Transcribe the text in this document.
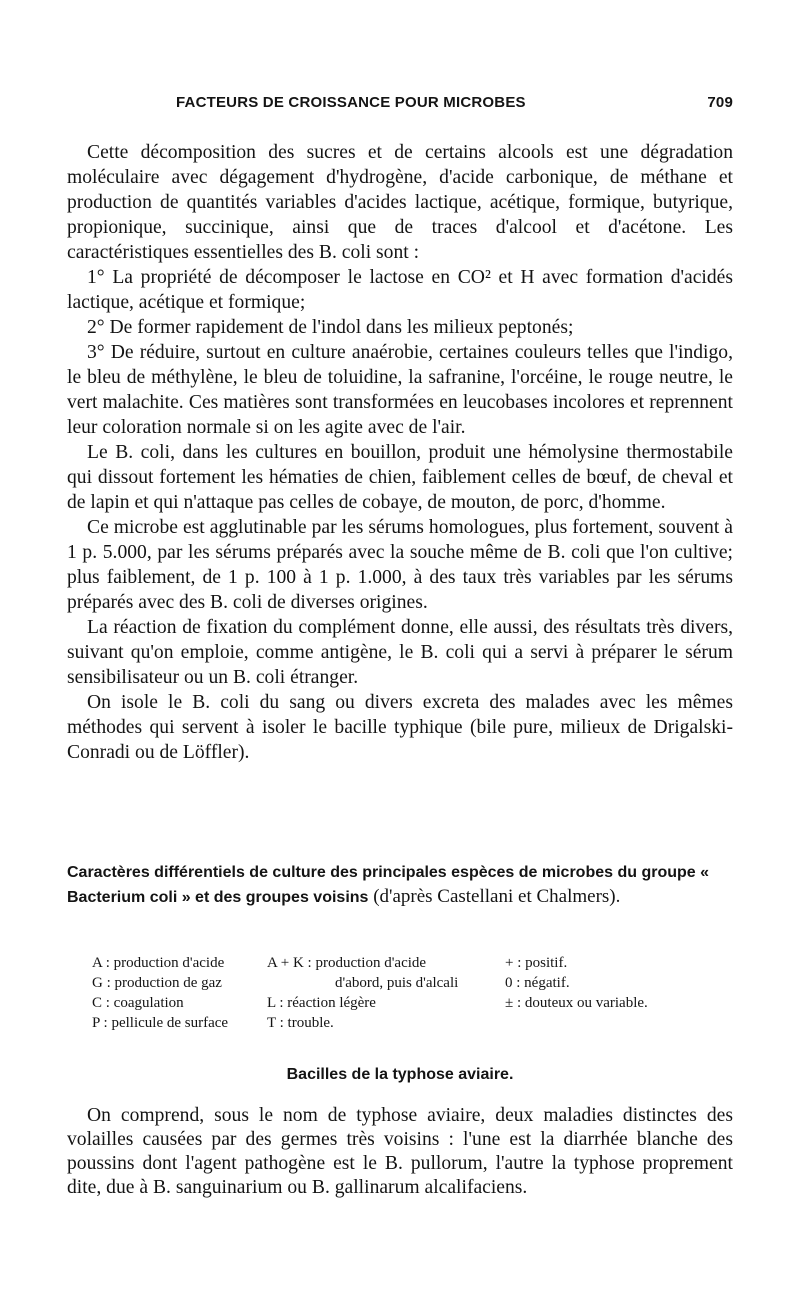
FACTEURS DE CROISSANCE POUR MICROBES	709

Cette décomposition des sucres et de certains alcools est une dégradation moléculaire avec dégagement d'hydrogène, d'acide carbonique, de méthane et production de quantités variables d'acides lactique, acétique, formique, butyrique, propionique, succinique, ainsi que de traces d'alcool et d'acétone. Les caractéristiques essentielles des B. coli sont :

1° La propriété de décomposer le lactose en CO² et H avec formation d'acidés lactique, acétique et formique;

2° De former rapidement de l'indol dans les milieux peptonés;

3° De réduire, surtout en culture anaérobie, certaines couleurs telles que l'indigo, le bleu de méthylène, le bleu de toluidine, la safranine, l'orcéine, le rouge neutre, le vert malachite. Ces matières sont transformées en leucobases incolores et reprennent leur coloration normale si on les agite avec de l'air.

Le B. coli, dans les cultures en bouillon, produit une hémolysine thermostabile qui dissout fortement les hématies de chien, faiblement celles de bœuf, de cheval et de lapin et qui n'attaque pas celles de cobaye, de mouton, de porc, d'homme.

Ce microbe est agglutinable par les sérums homologues, plus fortement, souvent à 1 p. 5.000, par les sérums préparés avec la souche même de B. coli que l'on cultive; plus faiblement, de 1 p. 100 à 1 p. 1.000, à des taux très variables par les sérums préparés avec des B. coli de diverses origines.

La réaction de fixation du complément donne, elle aussi, des résultats très divers, suivant qu'on emploie, comme antigène, le B. coli qui a servi à préparer le sérum sensibilisateur ou un B. coli étranger.

On isole le B. coli du sang ou divers excreta des malades avec les mêmes méthodes qui servent à isoler le bacille typhique (bile pure, milieux de Drigalski-Conradi ou de Löffler).

Caractères différentiels de culture des principales espèces de microbes du groupe « Bacterium coli » et des groupes voisins (d'après Castellani et Chalmers).
A : production d'acide	A + K : production d'acide	+ : positif.
G : production de gaz	d'abord, puis d'alcali	0 : négatif.
C : coagulation	L : réaction légère	± : douteux ou variable.
P : pellicule de surface	T : trouble.
Bacilles de la typhose aviaire.

On comprend, sous le nom de typhose aviaire, deux maladies distinctes des volailles causées par des germes très voisins : l'une est la diarrhée blanche des poussins dont l'agent pathogène est le B. pullorum, l'autre la typhose proprement dite, due à B. sanguinarium ou B. gallinarum alcalifaciens.
